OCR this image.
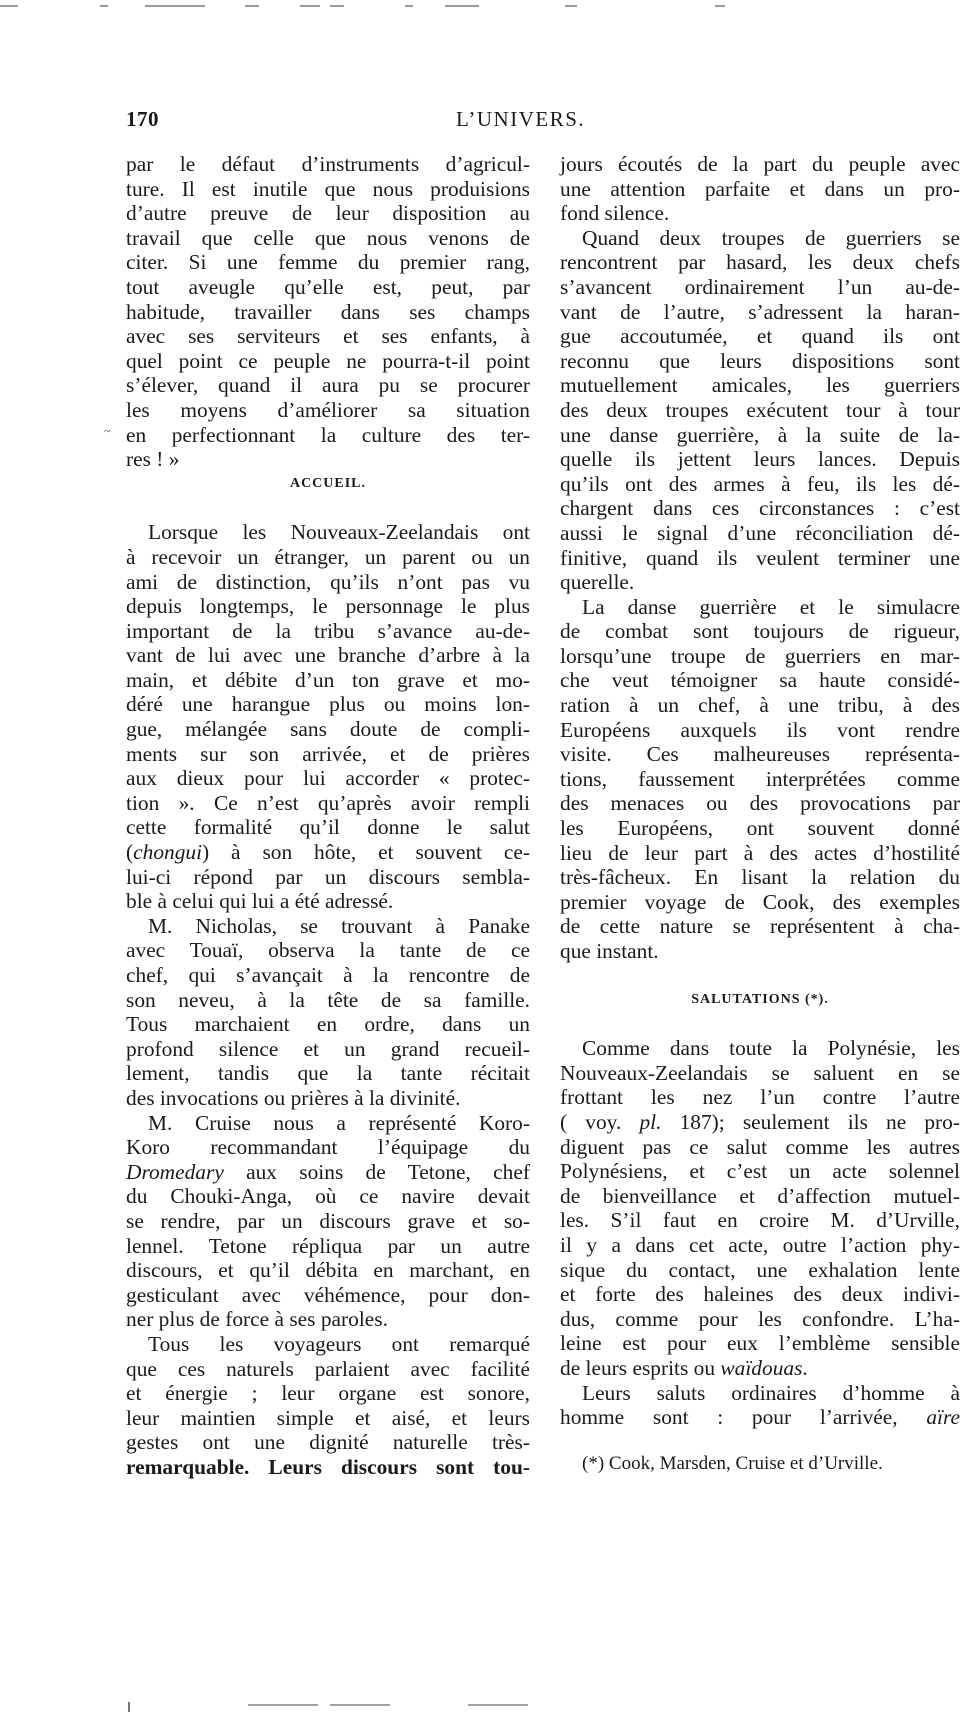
170	L’UNIVERS.
~
par le défaut d’instruments d’agricul-
ture. Il est inutile que nous produisions
d’autre preuve de leur disposition au
travail que celle que nous venons de
citer. Si une femme du premier rang,
tout aveugle qu’elle est, peut, par
habitude, travailler dans ses champs
avec ses serviteurs et ses enfants, à
quel point ce peuple ne pourra-t-il point
s’élever, quand il aura pu se procurer
les moyens d’améliorer sa situation
en perfectionnant la culture des ter-
res ! »
ACCUEIL.
Lorsque les Nouveaux-Zeelandais ont
à recevoir un étranger, un parent ou un
ami de distinction, qu’ils n’ont pas vu
depuis longtemps, le personnage le plus
important de la tribu s’avance au-de-
vant de lui avec une branche d’arbre à la
main, et débite d’un ton grave et mo-
déré une harangue plus ou moins lon-
gue, mélangée sans doute de compli-
ments sur son arrivée, et de prières
aux dieux pour lui accorder « protec-
tion ». Ce n’est qu’après avoir rempli
cette formalité qu’il donne le salut
(chongui) à son hôte, et souvent ce-
lui-ci répond par un discours sembla-
ble à celui qui lui a été adressé.
M. Nicholas, se trouvant à Panake
avec Touaï, observa la tante de ce
chef, qui s’avançait à la rencontre de
son neveu, à la tête de sa famille.
Tous marchaient en ordre, dans un
profond silence et un grand recueil-
lement, tandis que la tante récitait
des invocations ou prières à la divinité.
M. Cruise nous a représenté Koro-
Koro recommandant l’équipage du
Dromedary aux soins de Tetone, chef
du Chouki-Anga, où ce navire devait
se rendre, par un discours grave et so-
lennel. Tetone répliqua par un autre
discours, et qu’il débita en marchant, en
gesticulant avec véhémence, pour don-
ner plus de force à ses paroles.
Tous les voyageurs ont remarqué
que ces naturels parlaient avec facilité
et énergie ; leur organe est sonore,
leur maintien simple et aisé, et leurs
gestes ont une dignité naturelle très-
remarquable. Leurs discours sont tou-
jours écoutés de la part du peuple avec
une attention parfaite et dans un pro-
fond silence.
Quand deux troupes de guerriers se
rencontrent par hasard, les deux chefs
s’avancent ordinairement l’un au-de-
vant de l’autre, s’adressent la haran-
gue accoutumée, et quand ils ont
reconnu que leurs dispositions sont
mutuellement amicales, les guerriers
des deux troupes exécutent tour à tour
une danse guerrière, à la suite de la-
quelle ils jettent leurs lances. Depuis
qu’ils ont des armes à feu, ils les dé-
chargent dans ces circonstances : c’est
aussi le signal d’une réconciliation dé-
finitive, quand ils veulent terminer une
querelle.
La danse guerrière et le simulacre
de combat sont toujours de rigueur,
lorsqu’une troupe de guerriers en mar-
che veut témoigner sa haute considé-
ration à un chef, à une tribu, à des
Européens auxquels ils vont rendre
visite. Ces malheureuses représenta-
tions, faussement interprétées comme
des menaces ou des provocations par
les Européens, ont souvent donné
lieu de leur part à des actes d’hostilité
très-fâcheux. En lisant la relation du
premier voyage de Cook, des exemples
de cette nature se représentent à cha-
que instant.
SALUTATIONS (*).
Comme dans toute la Polynésie, les
Nouveaux-Zeelandais se saluent en se
frottant les nez l’un contre l’autre
( voy. pl. 187); seulement ils ne pro-
diguent pas ce salut comme les autres
Polynésiens, et c’est un acte solennel
de bienveillance et d’affection mutuel-
les. S’il faut en croire M. d’Urville,
il y a dans cet acte, outre l’action phy-
sique du contact, une exhalation lente
et forte des haleines des deux indivi-
dus, comme pour les confondre. L’ha-
leine est pour eux l’emblème sensible
de leurs esprits ou waïdouas.
Leurs saluts ordinaires d’homme à
homme sont : pour l’arrivée, aïre
(*) Cook, Marsden, Cruise et d’Urville.
